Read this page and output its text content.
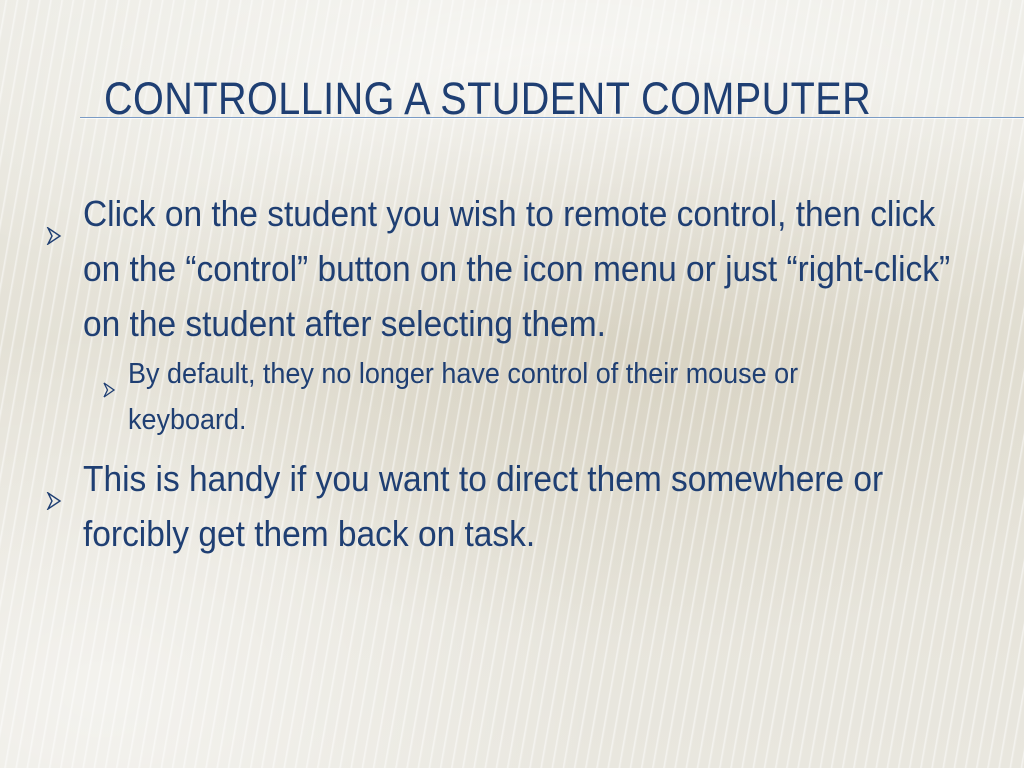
CONTROLLING A STUDENT COMPUTER
Click on the student you wish to remote control, then click on the “control” button on the icon menu or just “right-click” on the student after selecting them.
By default, they no longer have control of their mouse or keyboard.
This is handy if you want to direct them somewhere or forcibly get them back on task.
